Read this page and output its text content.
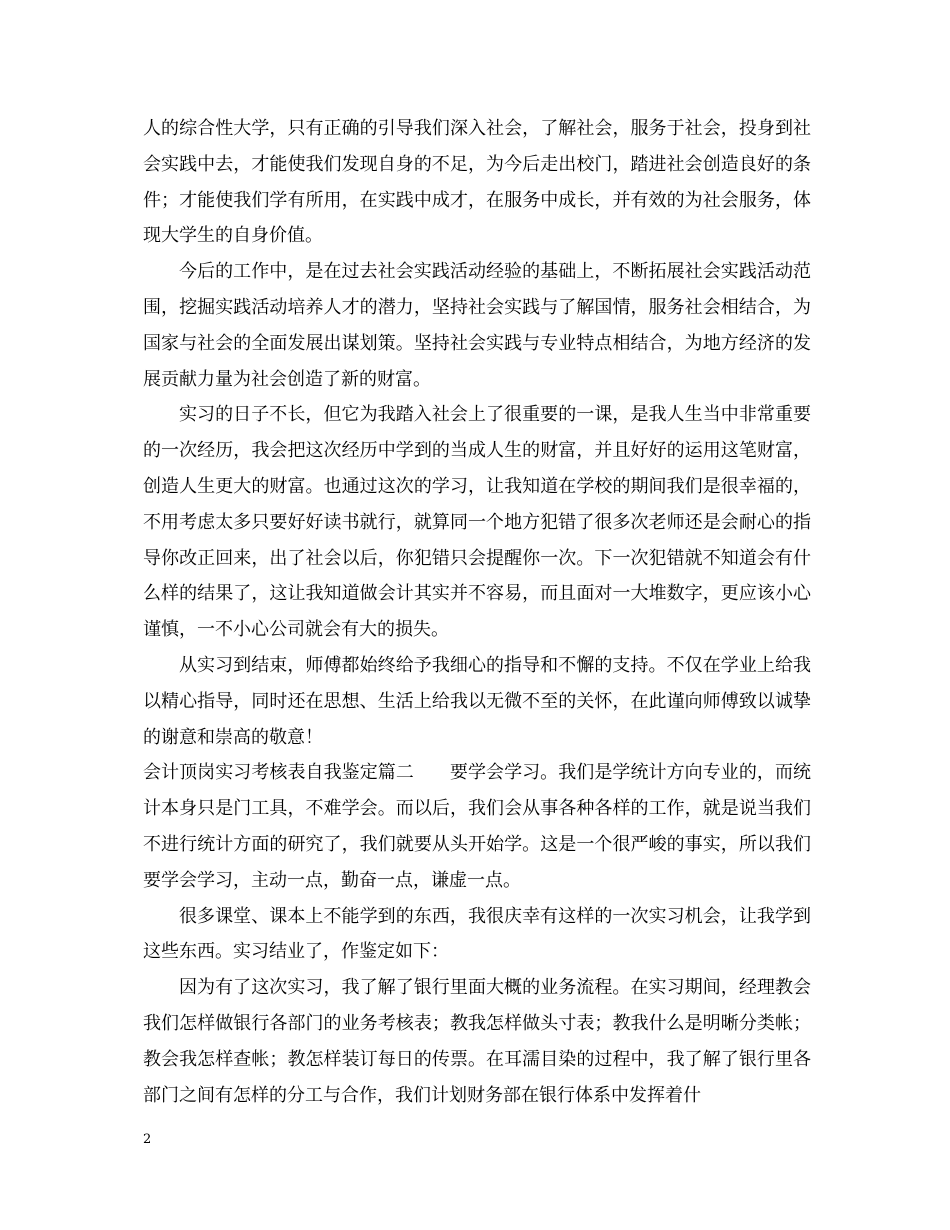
人的综合性大学，只有正确的引导我们深入社会，了解社会，服务于社会，投身到社会实践中去，才能使我们发现自身的不足，为今后走出校门，踏进社会创造良好的条件；才能使我们学有所用，在实践中成才，在服务中成长，并有效的为社会服务，体现大学生的自身价值。

今后的工作中，是在过去社会实践活动经验的基础上，不断拓展社会实践活动范围，挖掘实践活动培养人才的潜力，坚持社会实践与了解国情，服务社会相结合，为国家与社会的全面发展出谋划策。坚持社会实践与专业特点相结合，为地方经济的发展贡献力量为社会创造了新的财富。

实习的日子不长，但它为我踏入社会上了很重要的一课，是我人生当中非常重要的一次经历，我会把这次经历中学到的当成人生的财富，并且好好的运用这笔财富，创造人生更大的财富。也通过这次的学习，让我知道在学校的期间我们是很幸福的，不用考虑太多只要好好读书就行，就算同一个地方犯错了很多次老师还是会耐心的指导你改正回来，出了社会以后，你犯错只会提醒你一次。下一次犯错就不知道会有什么样的结果了，这让我知道做会计其实并不容易，而且面对一大堆数字，更应该小心谨慎，一不小心公司就会有大的损失。

从实习到结束，师傅都始终给予我细心的指导和不懈的支持。不仅在学业上给我以精心指导，同时还在思想、生活上给我以无微不至的关怀，在此谨向师傅致以诚挚的谢意和崇高的敬意！

会计顶岗实习考核表自我鉴定篇二 要学会学习。我们是学统计方向专业的，而统计本身只是门工具，不难学会。而以后，我们会从事各种各样的工作，就是说当我们不进行统计方面的研究了，我们就要从头开始学。这是一个很严峻的事实，所以我们要学会学习，主动一点，勤奋一点，谦虚一点。

很多课堂、课本上不能学到的东西，我很庆幸有这样的一次实习机会，让我学到这些东西。实习结业了，作鉴定如下：

因为有了这次实习，我了解了银行里面大概的业务流程。在实习期间，经理教会我们怎样做银行各部门的业务考核表；教我怎样做头寸表；教我什么是明晰分类帐；教会我怎样查帐；教怎样装订每日的传票。在耳濡目染的过程中，我了解了银行里各部门之间有怎样的分工与合作，我们计划财务部在银行体系中发挥着什

2
